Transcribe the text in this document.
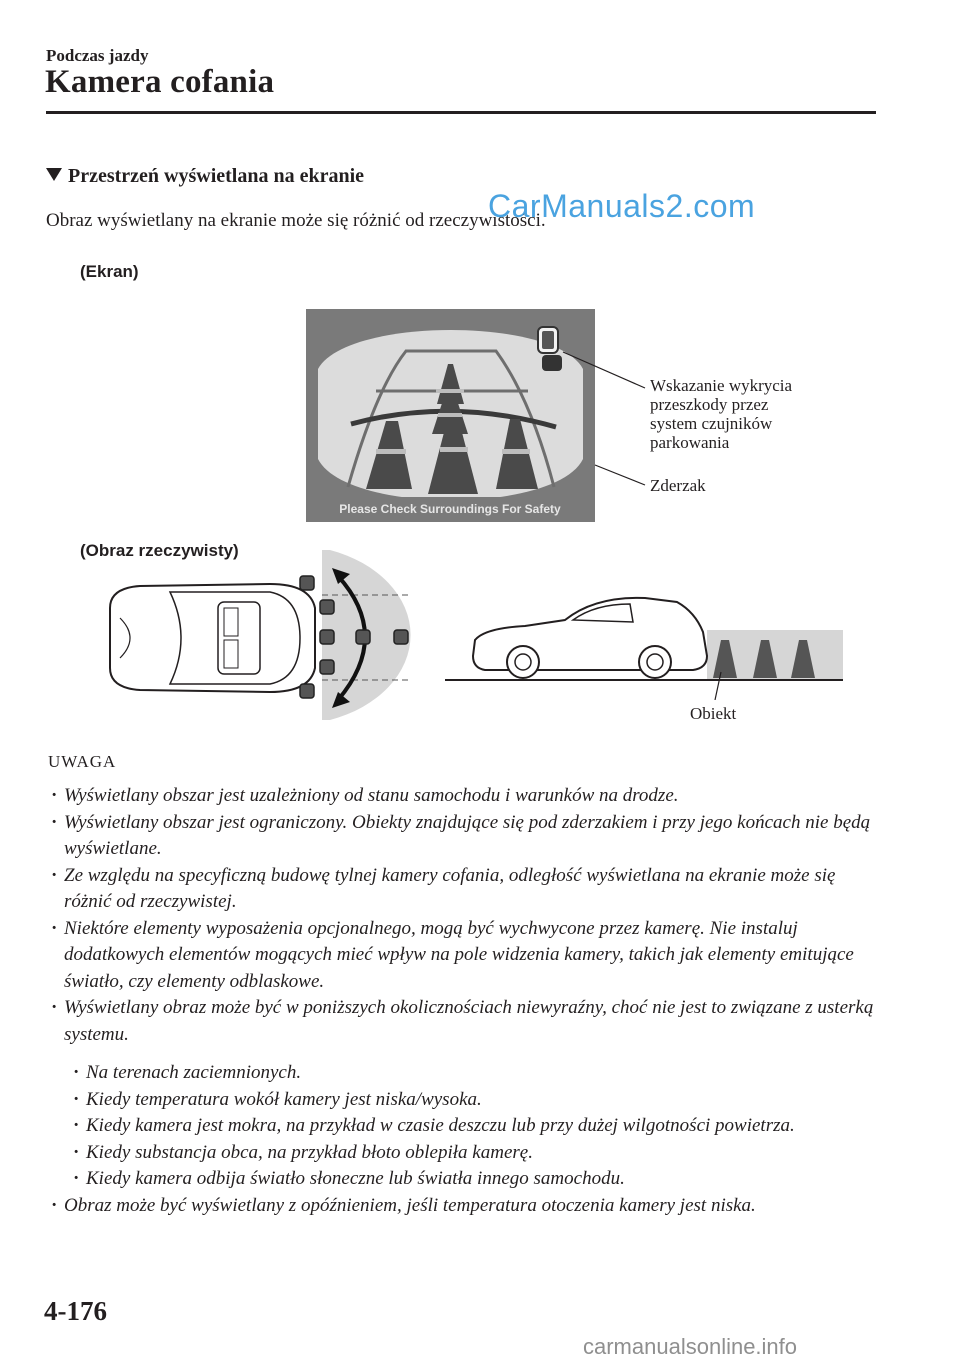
Podczas jazdy
Kamera cofania
Przestrzeń wyświetlana na ekranie
Obraz wyświetlany na ekranie może się różnić od rzeczywistości.
CarManuals2.com
(Ekran)
(Obraz rzeczywisty)
Please Check Surroundings For Safety
Wskazanie wykrycia
przeszkody przez
system czujników
parkowania
Zderzak
Obiekt
UWAGA
· Wyświetlany obszar jest uzależniony od stanu samochodu i warunków na drodze.
· Wyświetlany obszar jest ograniczony. Obiekty znajdujące się pod zderzakiem i przy jego końcach nie będą wyświetlane.
· Ze względu na specyficzną budowę tylnej kamery cofania, odległość wyświetlana na ekranie może się różnić od rzeczywistej.
· Niektóre elementy wyposażenia opcjonalnego, mogą być wychwycone przez kamerę. Nie instaluj dodatkowych elementów mogących mieć wpływ na pole widzenia kamery, takich jak elementy emitujące światło, czy elementy odblaskowe.
· Wyświetlany obraz może być w poniższych okolicznościach niewyraźny, choć nie jest to związane z usterką systemu.
· Na terenach zaciemnionych.
· Kiedy temperatura wokół kamery jest niska/wysoka.
· Kiedy kamera jest mokra, na przykład w czasie deszczu lub przy dużej wilgotności powietrza.
· Kiedy substancja obca, na przykład błoto oblepiła kamerę.
· Kiedy kamera odbija światło słoneczne lub światła innego samochodu.
· Obraz może być wyświetlany z opóźnieniem, jeśli temperatura otoczenia kamery jest niska.
4-176
carmanualsonline.info
